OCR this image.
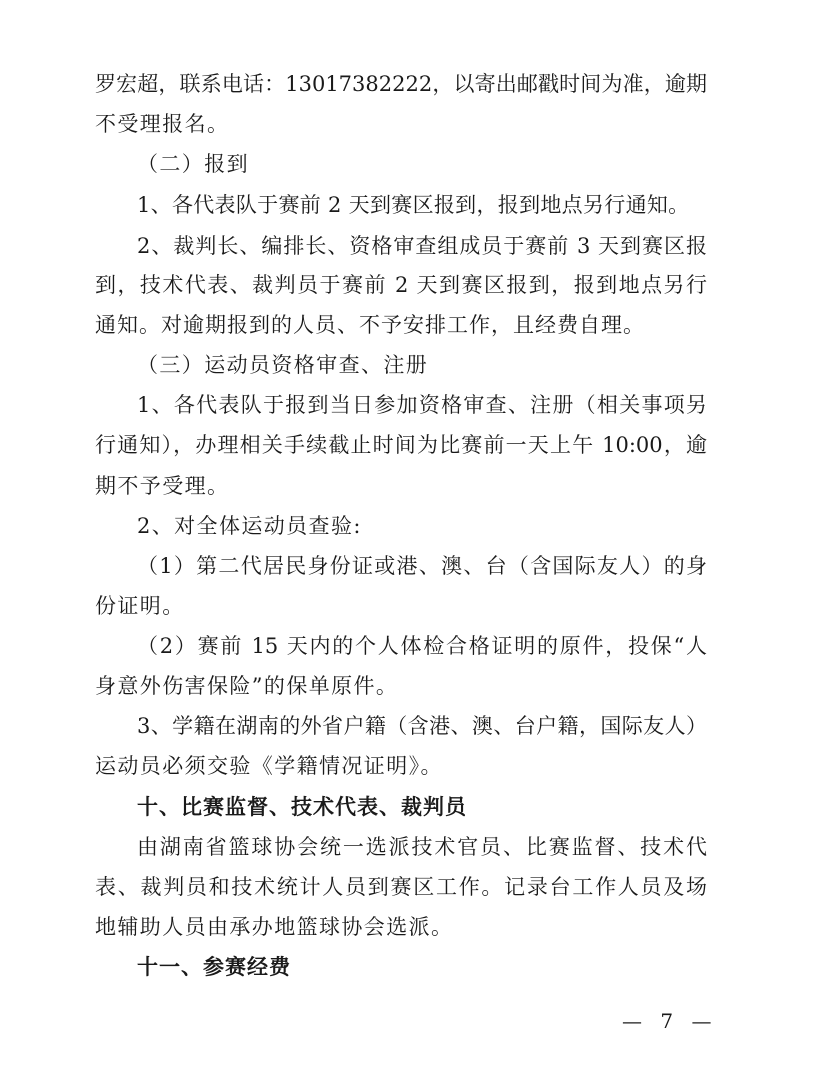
罗宏超，联系电话：13017382222，以寄出邮戳时间为准，逾期
不受理报名。
（二）报到
1、各代表队于赛前 2 天到赛区报到，报到地点另行通知。
2、裁判长、编排长、资格审查组成员于赛前 3 天到赛区报
到，技术代表、裁判员于赛前 2 天到赛区报到，报到地点另行
通知。对逾期报到的人员、不予安排工作，且经费自理。
（三）运动员资格审查、注册
1、各代表队于报到当日参加资格审查、注册（相关事项另
行通知），办理相关手续截止时间为比赛前一天上午 10:00，逾
期不予受理。
2、对全体运动员查验:
（1）第二代居民身份证或港、澳、台（含国际友人）的身
份证明。
（2）赛前 15 天内的个人体检合格证明的原件，投保“人
身意外伤害保险”的保单原件。
3、学籍在湖南的外省户籍（含港、澳、台户籍，国际友人）
运动员必须交验《学籍情况证明》。
十、比赛监督、技术代表、裁判员
由湖南省篮球协会统一选派技术官员、比赛监督、技术代
表、裁判员和技术统计人员到赛区工作。记录台工作人员及场
地辅助人员由承办地篮球协会选派。
十一、参赛经费
— 7 —
